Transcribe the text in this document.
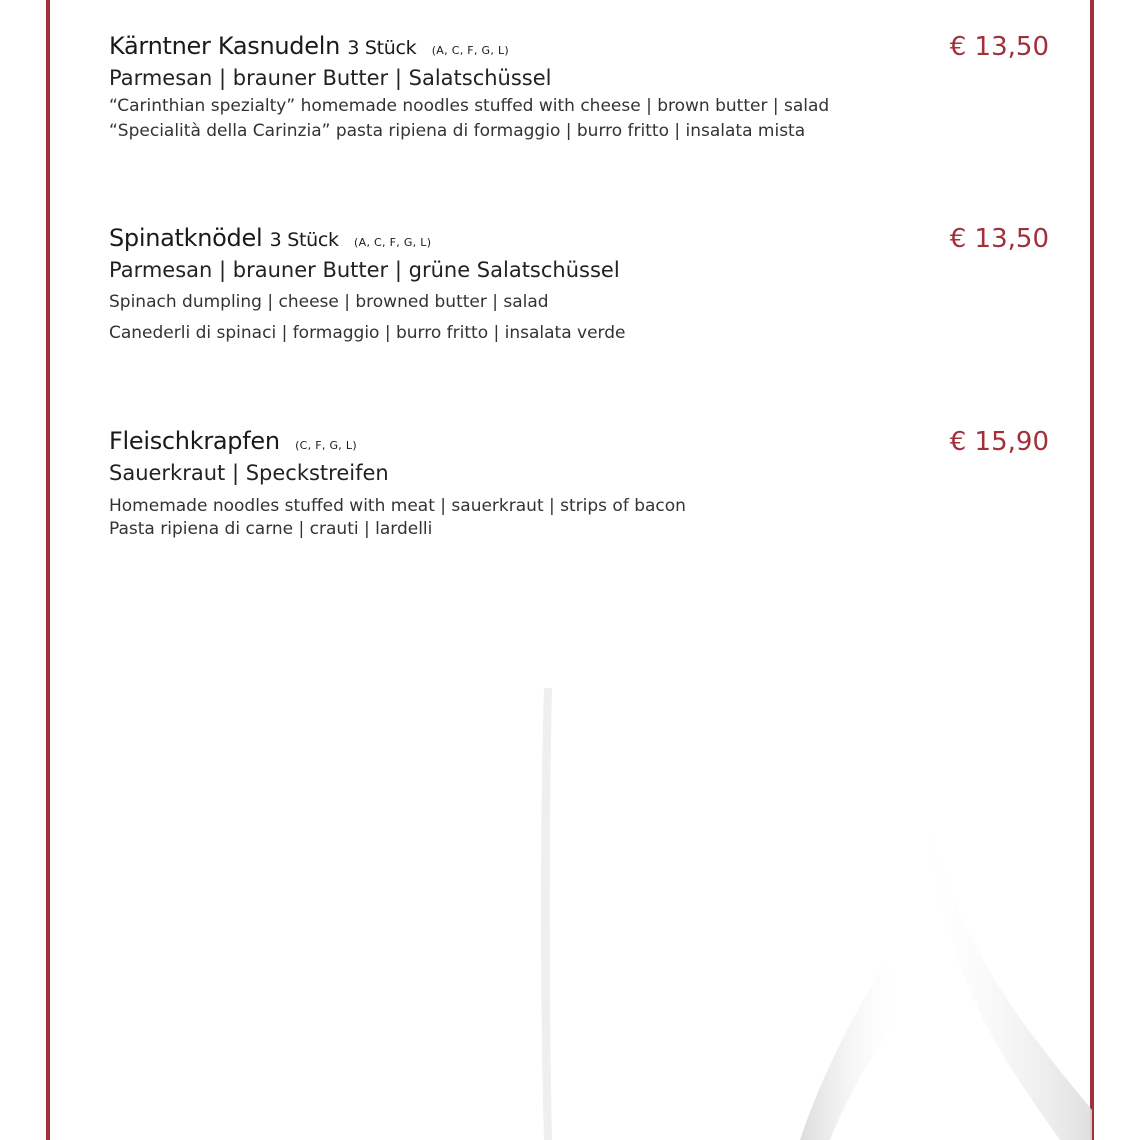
Kärntner Kasnudeln 3 Stück (A, C, F, G, L)	€ 13,50
Parmesan | brauner Butter | Salatschüssel
“Carinthian spezialty” homemade noodles stuffed with cheese | brown butter | salad
“Specialità della Carinzia” pasta ripiena di formaggio | burro fritto | insalata mista
Spinatknödel 3 Stück (A, C, F, G, L)	€ 13,50
Parmesan | brauner Butter | grüne Salatschüssel
Spinach dumpling | cheese | browned butter | salad
Canederli di spinaci | formaggio | burro fritto | insalata verde
Fleischkrapfen (C, F, G, L)	€ 15,90
Sauerkraut | Speckstreifen
Homemade noodles stuffed with meat | sauerkraut | strips of bacon
Pasta ripiena di carne | crauti | lardelli
